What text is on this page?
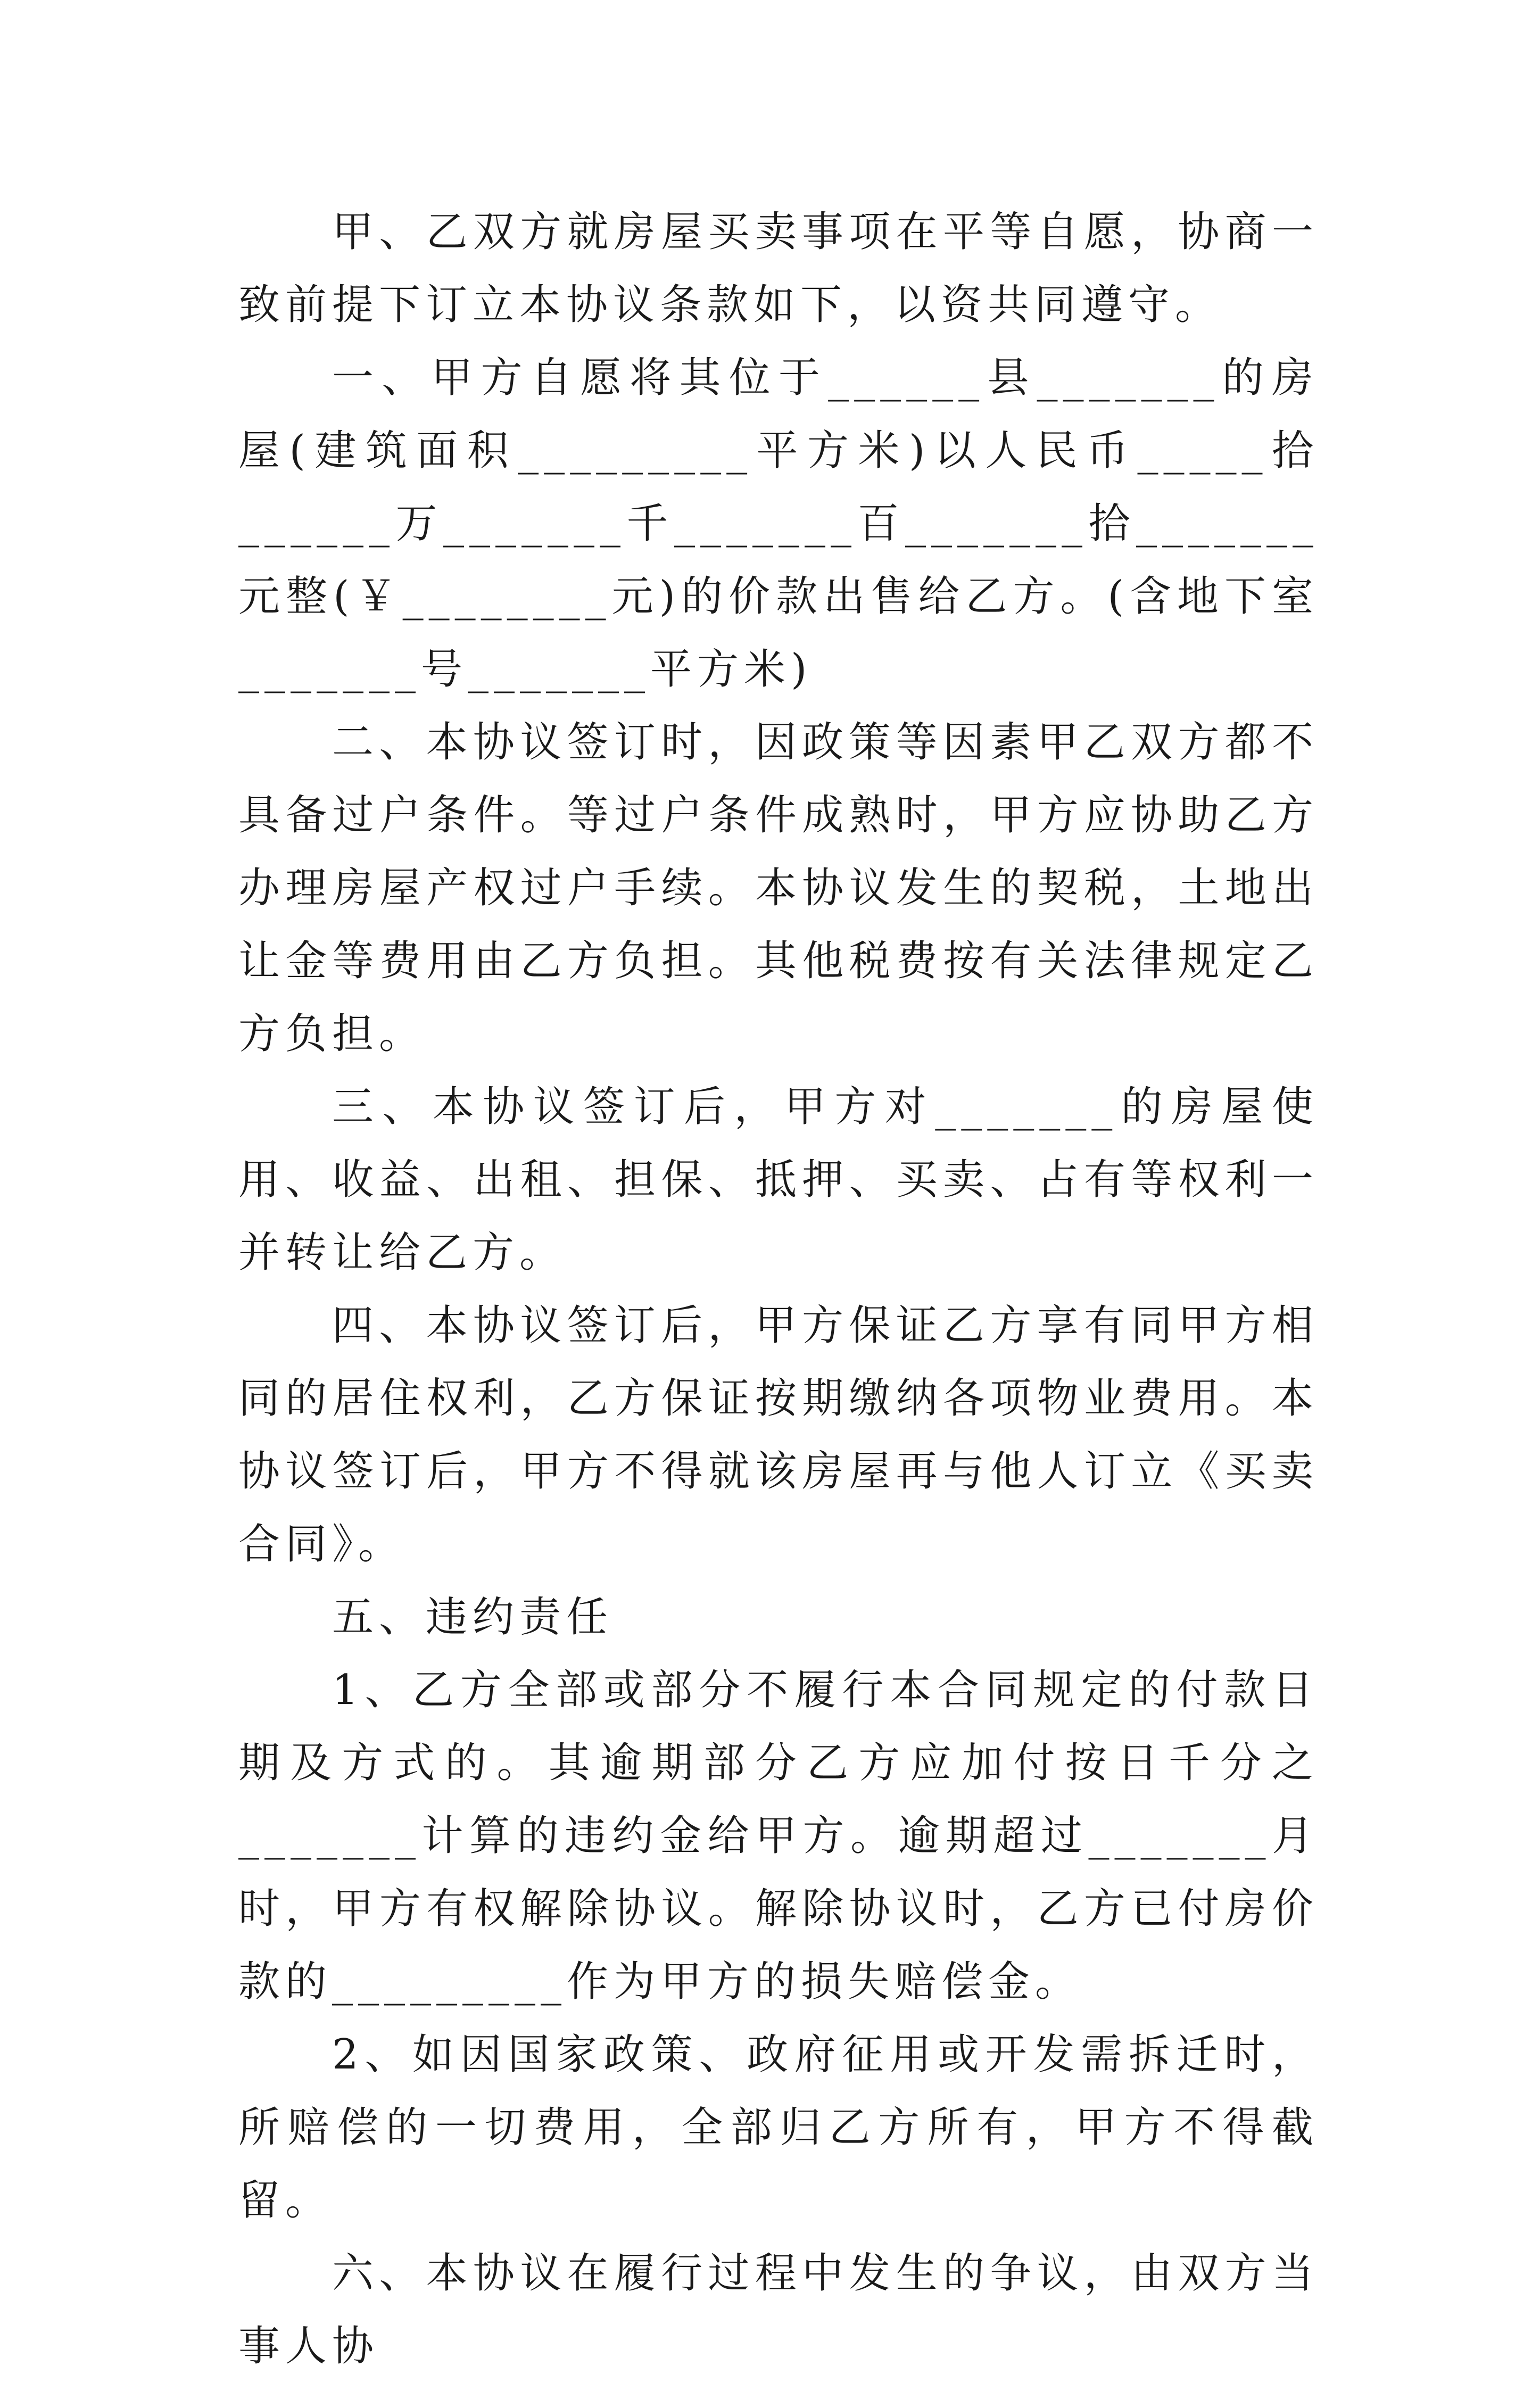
甲、乙双方就房屋买卖事项在平等自愿，协商一致前提下订立本协议条款如下，以资共同遵守。

一、甲方自愿将其位于______县_______的房屋(建筑面积_________平方米)以人民币_____拾______万_______千_______百_______拾_______元整(￥________元)的价款出售给乙方。(含地下室_______号_______平方米)

二、本协议签订时，因政策等因素甲乙双方都不具备过户条件。等过户条件成熟时，甲方应协助乙方办理房屋产权过户手续。本协议发生的契税，土地出让金等费用由乙方负担。其他税费按有关法律规定乙方负担。

三、本协议签订后，甲方对_______的房屋使用、收益、出租、担保、抵押、买卖、占有等权利一并转让给乙方。

四、本协议签订后，甲方保证乙方享有同甲方相同的居住权利，乙方保证按期缴纳各项物业费用。本协议签订后，甲方不得就该房屋再与他人订立《买卖合同》。

五、违约责任

1、乙方全部或部分不履行本合同规定的付款日期及方式的。其逾期部分乙方应加付按日千分之_______计算的违约金给甲方。逾期超过_______月时，甲方有权解除协议。解除协议时，乙方已付房价款的_________作为甲方的损失赔偿金。

2、如因国家政策、政府征用或开发需拆迁时，所赔偿的一切费用，全部归乙方所有，甲方不得截留。

六、本协议在履行过程中发生的争议，由双方当事人协
